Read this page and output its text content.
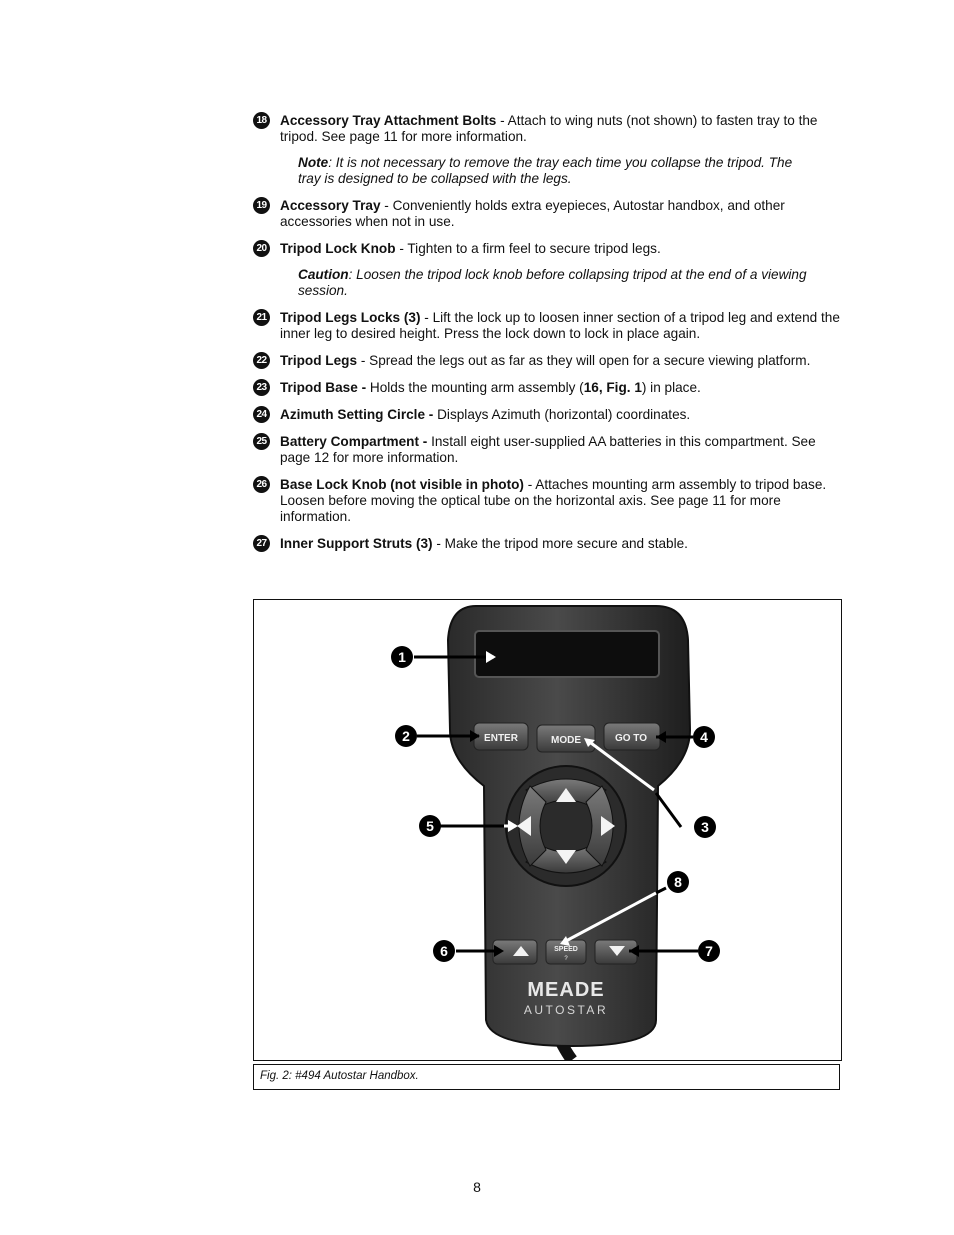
18 Accessory Tray Attachment Bolts - Attach to wing nuts (not shown) to fasten tray to the tripod. See page 11 for more information.
Note: It is not necessary to remove the tray each time you collapse the tripod. The tray is designed to be collapsed with the legs.
19 Accessory Tray - Conveniently holds extra eyepieces, Autostar handbox, and other accessories when not in use.
20 Tripod Lock Knob - Tighten to a firm feel to secure tripod legs.
Caution: Loosen the tripod lock knob before collapsing tripod at the end of a viewing session.
21 Tripod Legs Locks (3) - Lift the lock up to loosen inner section of a tripod leg and extend the inner leg to desired height. Press the lock down to lock in place again.
22 Tripod Legs - Spread the legs out as far as they will open for a secure viewing platform.
23 Tripod Base - Holds the mounting arm assembly (16, Fig. 1) in place.
24 Azimuth Setting Circle - Displays Azimuth (horizontal) coordinates.
25 Battery Compartment - Install eight user-supplied AA batteries in this compartment. See page 12 for more information.
26 Base Lock Knob (not visible in photo) - Attaches mounting arm assembly to tripod base. Loosen before moving the optical tube on the horizontal axis. See page 11 for more information.
27 Inner Support Struts (3) - Make the tripod more secure and stable.
ENTER	MODE	GO TO
SPEED
?
MEADE
AUTOSTAR
1
2
3
4
5
6	7
8
Fig. 2: #494 Autostar Handbox.
8
